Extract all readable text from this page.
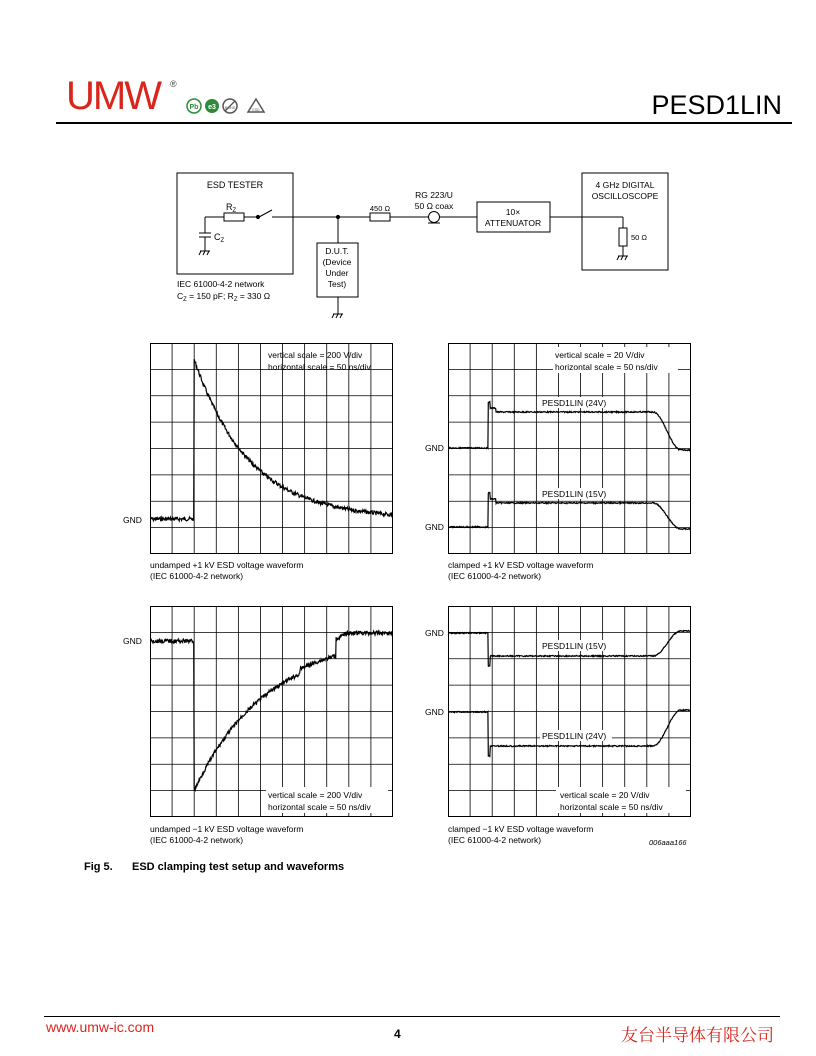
UMW ®
Pb e3 RoHS	ESD	PESD1LIN
ESD TESTER
$R_Z$
$C_Z$
IEC 61000-4-2 network
$C_Z = 150$ pF; $R_Z = 330$ Ω
450 Ω
RG 223/U
50 Ω coax
10×
ATTENUATOR
4 GHz DIGITAL
OSCILLOSCOPE
50 Ω
D.U.T.
(Device
Under
Test)
vertical scale = 200 V/div
horizontal scale = 50 ns/div
GND
undamped +1 kV ESD voltage waveform
(IEC 61000-4-2 network)
vertical scale = 20 V/div
horizontal scale = 50 ns/div
PESD1LIN (24V)
PESD1LIN (15V)
GND
GND
clamped +1 kV ESD voltage waveform
(IEC 61000-4-2 network)
vertical scale = 200 V/div
horizontal scale = 50 ns/div
GND
undamped −1 kV ESD voltage waveform
(IEC 61000-4-2 network)
PESD1LIN (15V)
PESD1LIN (24V)
vertical scale = 20 V/div
horizontal scale = 50 ns/div
GND
GND
clamped −1 kV ESD voltage waveform
(IEC 61000-4-2 network)	006aaa166
Fig 5. ESD clamping test setup and waveforms
www.umw-ic.com	4	友台半导体有限公司
